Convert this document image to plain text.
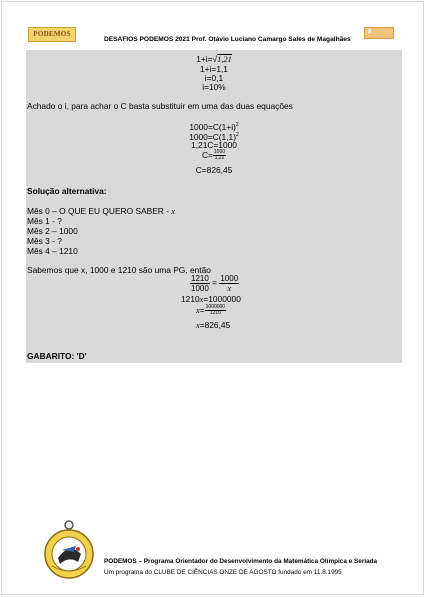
PODEMOS
DESAFIOS PODEMOS 2021 Prof. Otávio Luciano Camargo Sales de Magalhães
8
1+i=√1,21
1+i=1,1
i=0,1
i=10%
Achado o i, para achar o C basta substituir em uma das duas equações
$1000=C(1+i)^2$
$1000=C(1,1)^2$
1,21C=1000
$C= \frac{1000}{1,21}$
C=826,45
Solução alternativa:
Mês 0 – O QUE EU QUERO SABER - x
Mês 1 - ?
Mês 2 – 1000
Mês 3 - ?
Mês 4 – 1210
Sabemos que x, 1000 e 1210 são uma PG, então
$\frac{1210}{1000} = \frac{1000}{x}$
1210x=1000000
$x= \frac{1000000}{1210}$
x=826,45
GABARITO: 'D'
PODEMOS – Programa Orientador do Desenvolvimento da Matemática Olímpica e Seriada
Um programa do CLUBE DE CIÊNCIAS ONZE DE AGOSTO fundado em 11.8.1995
